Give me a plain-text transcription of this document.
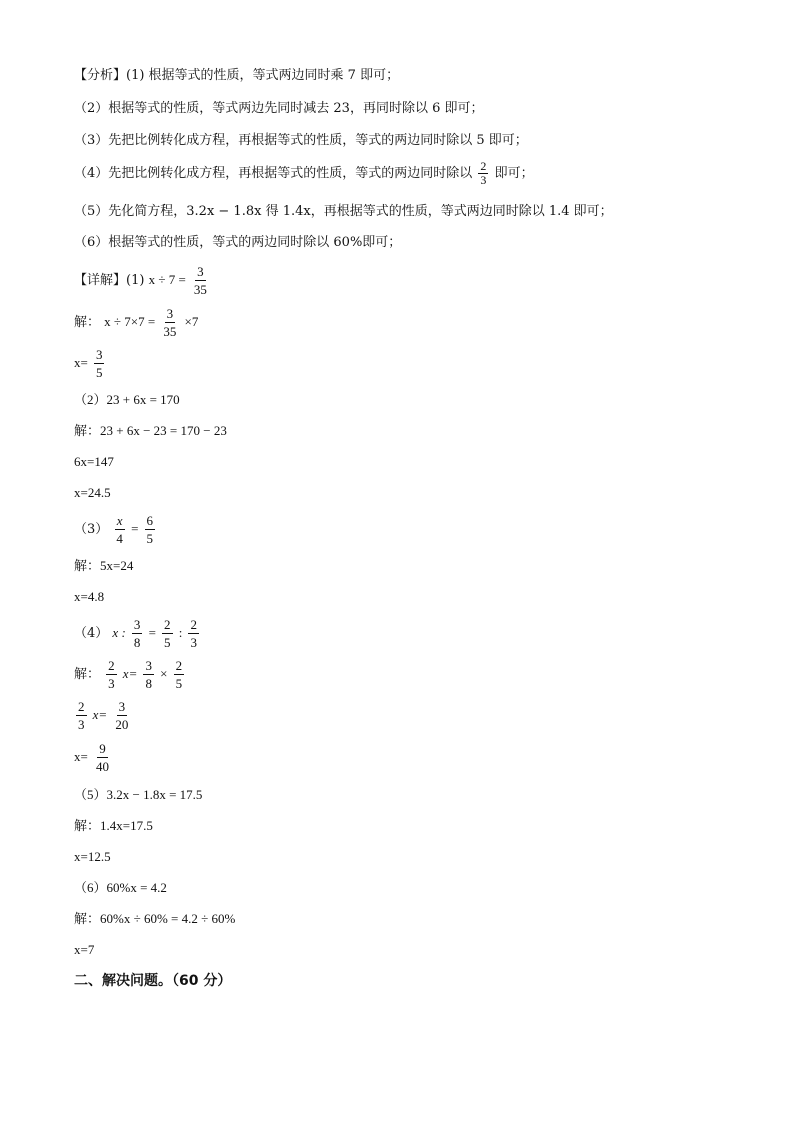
【分析】(1) 根据等式的性质，等式两边同时乘 7 即可；
（2）根据等式的性质，等式两边先同时减去 23，再同时除以 6 即可；
（3）先把比例转化成方程，再根据等式的性质，等式的两边同时除以 5 即可；
（4）先把比例转化成方程，再根据等式的性质，等式的两边同时除以 $\frac{2}{3}$ 即可；
（5）先化简方程，3.2x − 1.8x 得 1.4x，再根据等式的性质，等式两边同时除以 1.4 即可；
（6）根据等式的性质，等式的两边同时除以 60%即可；
【详解】(1) $x \div 7 = \frac{3}{35}$
解： $x \div 7\times 7 = \frac{3}{35} \times 7$
$x= \frac{3}{5}$
（2）23 + 6x = 170
解：23 + 6x − 23 = 170 − 23
6x=147
x=24.5
$(3) \frac{x}{4} = \frac{6}{5}$
解：5x=24
x=4.8
（4） x : $\frac{3}{8} = \frac{2}{5}$ : $\frac{2}{3}$
解： $\frac{2}{3} x= \frac{3}{8} \times \frac{2}{5}$
$\frac{2}{3} x= \frac{3}{20}$
$x= \frac{9}{40}$
（5）3.2x − 1.8x = 17.5
解：1.4x=17.5
x=12.5
（6）60%x = 4.2
解：60%x ÷ 60% = 4.2 ÷ 60%
x=7
二、解决问题。（60 分）
